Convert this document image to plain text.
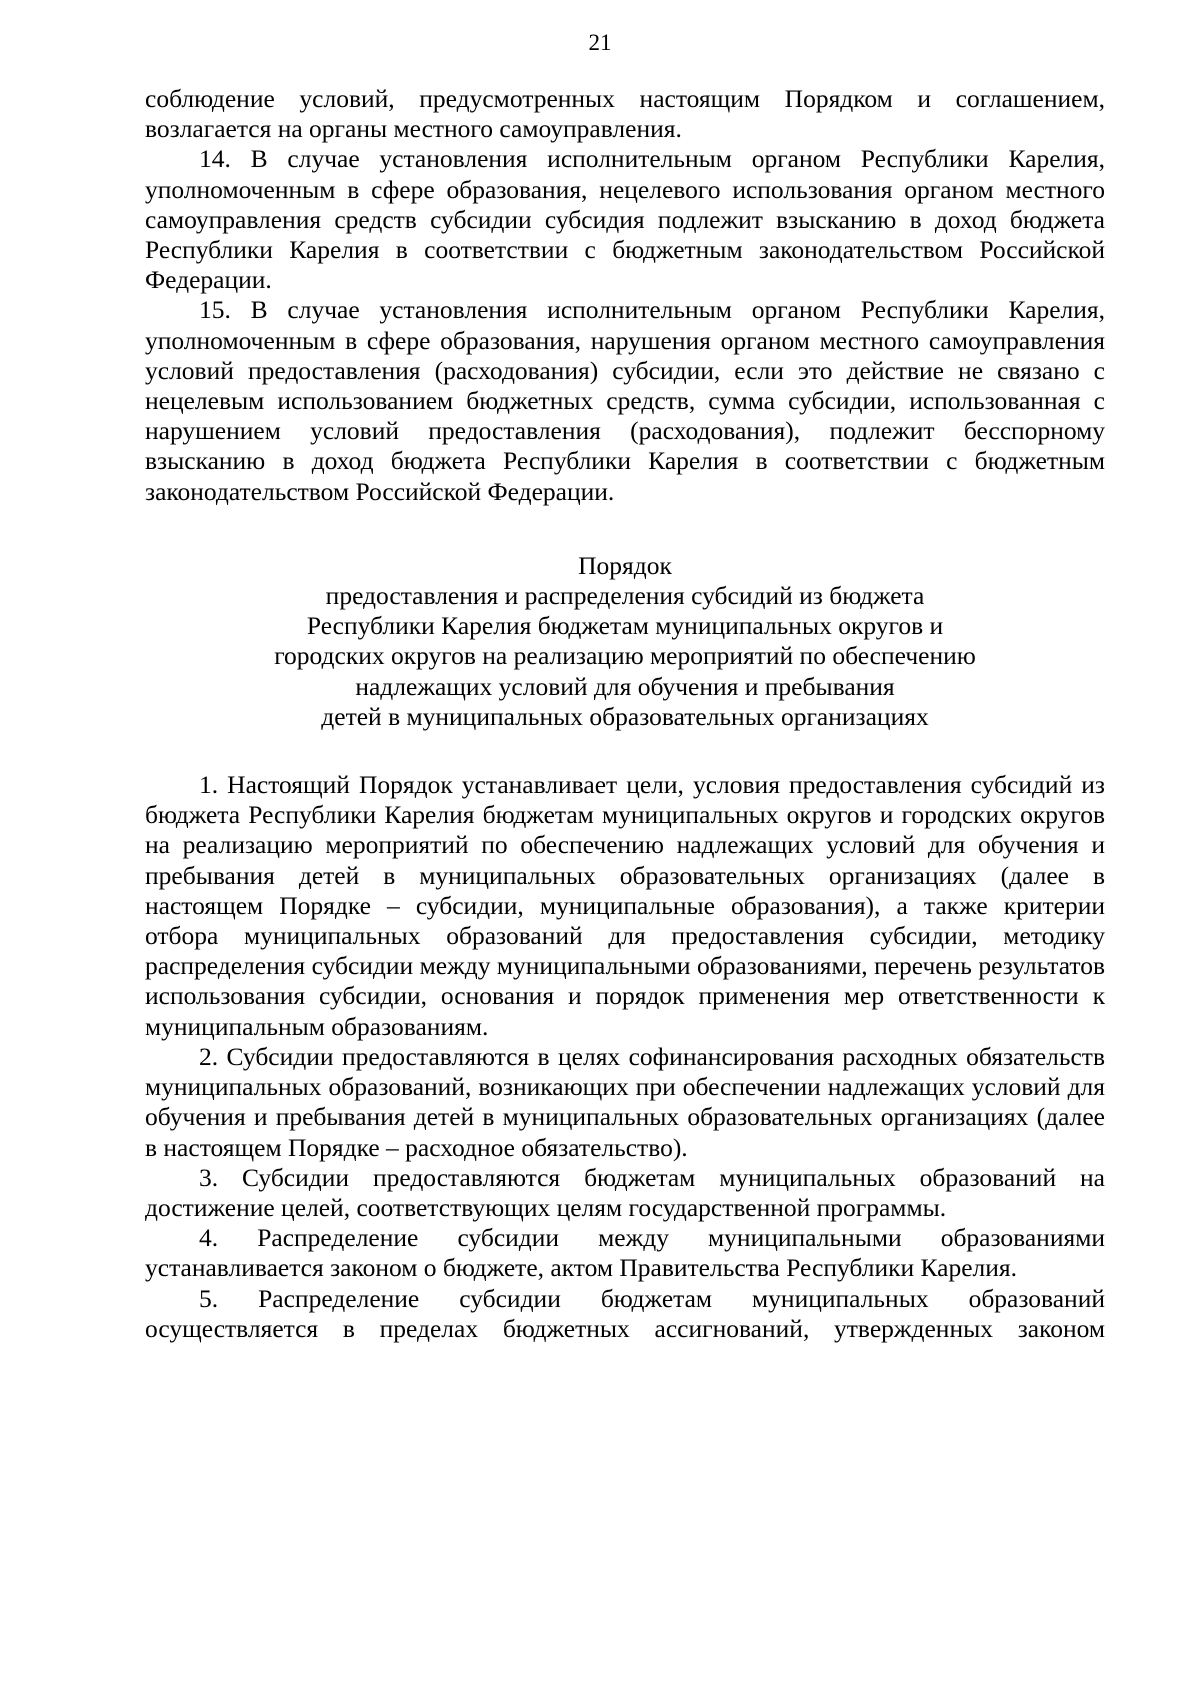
21

соблюдение условий, предусмотренных настоящим Порядком и соглашением, возлагается на органы местного самоуправления.

14. В случае установления исполнительным органом Республики Карелия, уполномоченным в сфере образования, нецелевого использования органом местного самоуправления средств субсидии субсидия подлежит взысканию в доход бюджета Республики Карелия в соответствии с бюджетным законодательством Российской Федерации.

15. В случае установления исполнительным органом Республики Карелия, уполномоченным в сфере образования, нарушения органом местного самоуправления условий предоставления (расходования) субсидии, если это действие не связано с нецелевым использованием бюджетных средств, сумма субсидии, использованная с нарушением условий предоставления (расходования), подлежит бесспорному взысканию в доход бюджета Республики Карелия в соответствии с бюджетным законодательством Российской Федерации.

Порядок
предоставления и распределения субсидий из бюджета
Республики Карелия бюджетам муниципальных округов и
городских округов на реализацию мероприятий по обеспечению
надлежащих условий для обучения и пребывания
детей в муниципальных образовательных организациях

1. Настоящий Порядок устанавливает цели, условия предоставления субсидий из бюджета Республики Карелия бюджетам муниципальных округов и городских округов на реализацию мероприятий по обеспечению надлежащих условий для обучения и пребывания детей в муниципальных образовательных организациях (далее в настоящем Порядке – субсидии, муниципальные образования), а также критерии отбора муниципальных образований для предоставления субсидии, методику распределения субсидии между муниципальными образованиями, перечень результатов использования субсидии, основания и порядок применения мер ответственности к муниципальным образованиям.

2. Субсидии предоставляются в целях софинансирования расходных обязательств муниципальных образований, возникающих при обеспечении надлежащих условий для обучения и пребывания детей в муниципальных образовательных организациях (далее в настоящем Порядке – расходное обязательство).

3. Субсидии предоставляются бюджетам муниципальных образований на достижение целей, соответствующих целям государственной программы.

4. Распределение субсидии между муниципальными образованиями устанавливается законом о бюджете, актом Правительства Республики Карелия.

5. Распределение субсидии бюджетам муниципальных образований осуществляется в пределах бюджетных ассигнований, утвержденных законом
